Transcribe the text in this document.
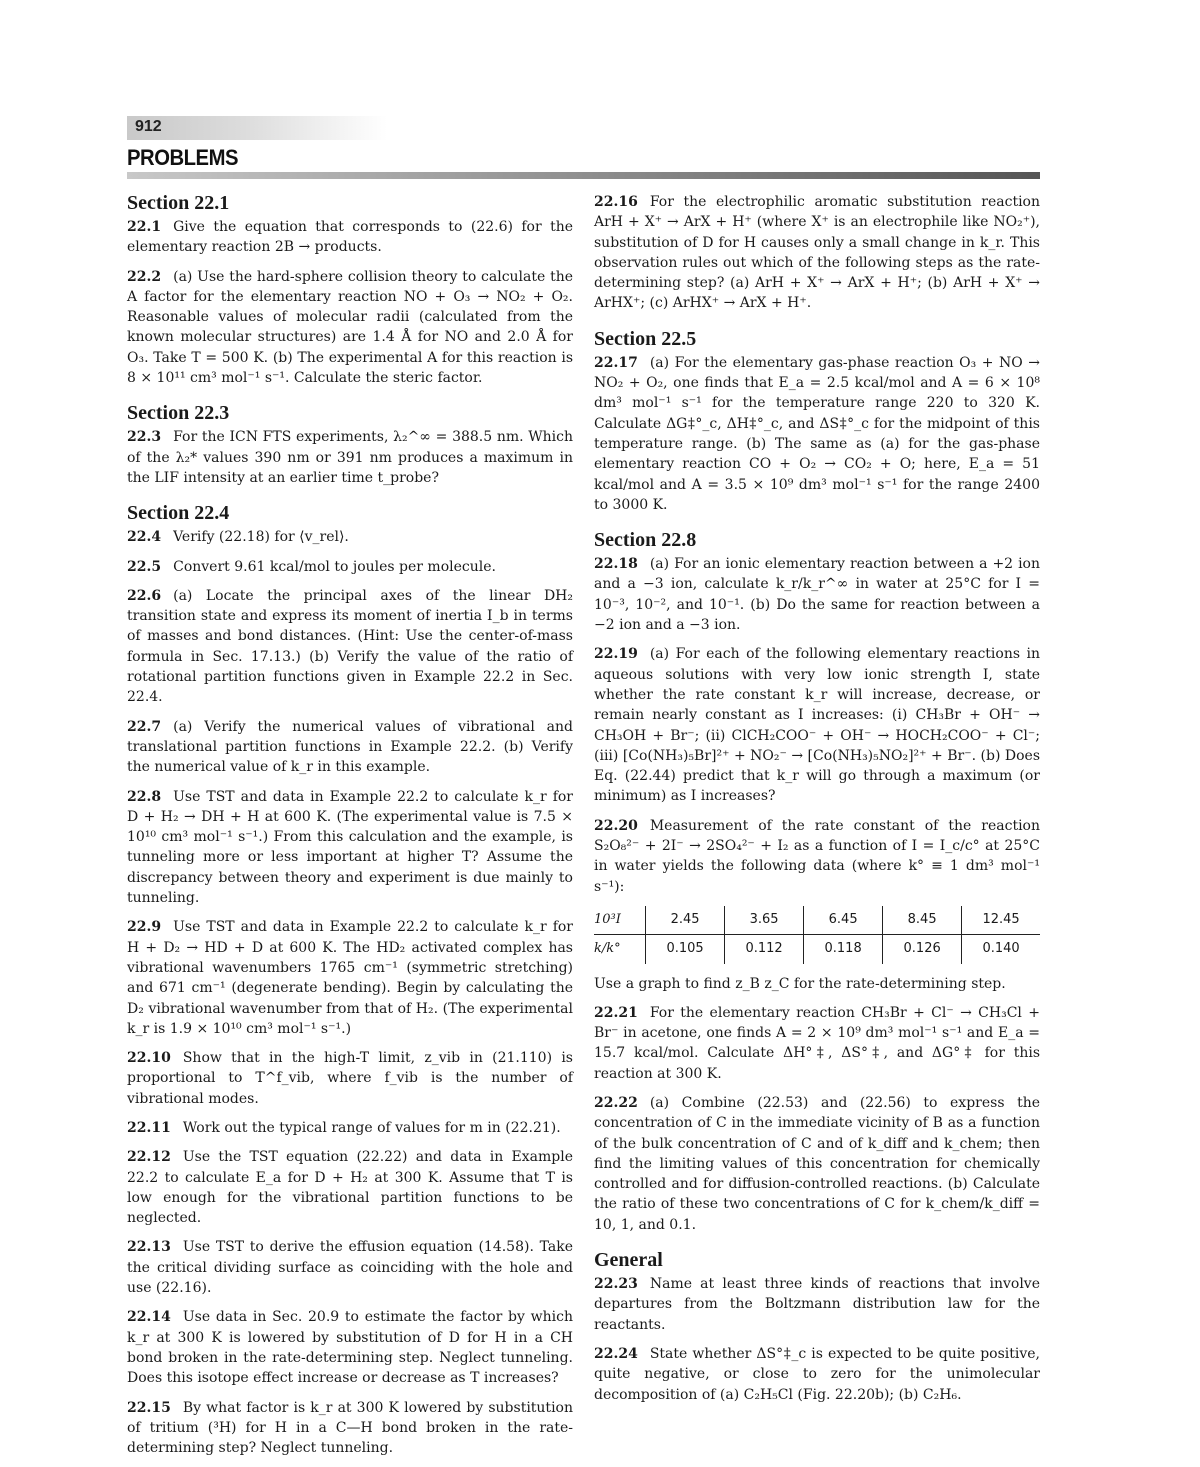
912
PROBLEMS
Section 22.1
22.1 Give the equation that corresponds to (22.6) for the elementary reaction 2B → products.
22.2 (a) Use the hard-sphere collision theory to calculate the A factor for the elementary reaction NO + O₃ → NO₂ + O₂. Reasonable values of molecular radii (calculated from the known molecular structures) are 1.4 Å for NO and 2.0 Å for O₃. Take T = 500 K. (b) The experimental A for this reaction is 8 × 10¹¹ cm³ mol⁻¹ s⁻¹. Calculate the steric factor.
Section 22.3
22.3 For the ICN FTS experiments, λ₂^∞ = 388.5 nm. Which of the λ₂* values 390 nm or 391 nm produces a maximum in the LIF intensity at an earlier time t_probe?
Section 22.4
22.4 Verify (22.18) for ⟨v_rel⟩.
22.5 Convert 9.61 kcal/mol to joules per molecule.
22.6 (a) Locate the principal axes of the linear DH₂ transition state and express its moment of inertia I_b in terms of masses and bond distances. (Hint: Use the center-of-mass formula in Sec. 17.13.) (b) Verify the value of the ratio of rotational partition functions given in Example 22.2 in Sec. 22.4.
22.7 (a) Verify the numerical values of vibrational and translational partition functions in Example 22.2. (b) Verify the numerical value of k_r in this example.
22.8 Use TST and data in Example 22.2 to calculate k_r for D + H₂ → DH + H at 600 K. (The experimental value is 7.5 × 10¹⁰ cm³ mol⁻¹ s⁻¹.) From this calculation and the example, is tunneling more or less important at higher T? Assume the discrepancy between theory and experiment is due mainly to tunneling.
22.9 Use TST and data in Example 22.2 to calculate k_r for H + D₂ → HD + D at 600 K. The HD₂ activated complex has vibrational wavenumbers 1765 cm⁻¹ (symmetric stretching) and 671 cm⁻¹ (degenerate bending). Begin by calculating the D₂ vibrational wavenumber from that of H₂. (The experimental k_r is 1.9 × 10¹⁰ cm³ mol⁻¹ s⁻¹.)
22.10 Show that in the high-T limit, z_vib in (21.110) is proportional to T^f_vib, where f_vib is the number of vibrational modes.
22.11 Work out the typical range of values for m in (22.21).
22.12 Use the TST equation (22.22) and data in Example 22.2 to calculate E_a for D + H₂ at 300 K. Assume that T is low enough for the vibrational partition functions to be neglected.
22.13 Use TST to derive the effusion equation (14.58). Take the critical dividing surface as coinciding with the hole and use (22.16).
22.14 Use data in Sec. 20.9 to estimate the factor by which k_r at 300 K is lowered by substitution of D for H in a CH bond broken in the rate-determining step. Neglect tunneling. Does this isotope effect increase or decrease as T increases?
22.15 By what factor is k_r at 300 K lowered by substitution of tritium (³H) for H in a C—H bond broken in the rate-determining step? Neglect tunneling.
22.16 For the electrophilic aromatic substitution reaction ArH + X⁺ → ArX + H⁺ (where X⁺ is an electrophile like NO₂⁺), substitution of D for H causes only a small change in k_r. This observation rules out which of the following steps as the rate-determining step? (a) ArH + X⁺ → ArX + H⁺; (b) ArH + X⁺ → ArHX⁺; (c) ArHX⁺ → ArX + H⁺.
Section 22.5
22.17 (a) For the elementary gas-phase reaction O₃ + NO → NO₂ + O₂, one finds that E_a = 2.5 kcal/mol and A = 6 × 10⁸ dm³ mol⁻¹ s⁻¹ for the temperature range 220 to 320 K. Calculate ΔG‡°_c, ΔH‡°_c, and ΔS‡°_c for the midpoint of this temperature range. (b) The same as (a) for the gas-phase elementary reaction CO + O₂ → CO₂ + O; here, E_a = 51 kcal/mol and A = 3.5 × 10⁹ dm³ mol⁻¹ s⁻¹ for the range 2400 to 3000 K.
Section 22.8
22.18 (a) For an ionic elementary reaction between a +2 ion and a −3 ion, calculate k_r/k_r^∞ in water at 25°C for I = 10⁻³, 10⁻², and 10⁻¹. (b) Do the same for reaction between a −2 ion and a −3 ion.
22.19 (a) For each of the following elementary reactions in aqueous solutions with very low ionic strength I, state whether the rate constant k_r will increase, decrease, or remain nearly constant as I increases: (i) CH₃Br + OH⁻ → CH₃OH + Br⁻; (ii) ClCH₂COO⁻ + OH⁻ → HOCH₂COO⁻ + Cl⁻; (iii) [Co(NH₃)₅Br]²⁺ + NO₂⁻ → [Co(NH₃)₅NO₂]²⁺ + Br⁻. (b) Does Eq. (22.44) predict that k_r will go through a maximum (or minimum) as I increases?
22.20 Measurement of the rate constant of the reaction S₂O₈²⁻ + 2I⁻ → 2SO₄²⁻ + I₂ as a function of I = I_c/c° at 25°C in water yields the following data (where k° ≡ 1 dm³ mol⁻¹ s⁻¹):
10³I	2.45	3.65	6.45	8.45	12.45
k/k°	0.105	0.112	0.118	0.126	0.140
Use a graph to find z_B z_C for the rate-determining step.
22.21 For the elementary reaction CH₃Br + Cl⁻ → CH₃Cl + Br⁻ in acetone, one finds A = 2 × 10⁹ dm³ mol⁻¹ s⁻¹ and E_a = 15.7 kcal/mol. Calculate ΔH°‡, ΔS°‡, and ΔG°‡ for this reaction at 300 K.
22.22 (a) Combine (22.53) and (22.56) to express the concentration of C in the immediate vicinity of B as a function of the bulk concentration of C and of k_diff and k_chem; then find the limiting values of this concentration for chemically controlled and for diffusion-controlled reactions. (b) Calculate the ratio of these two concentrations of C for k_chem/k_diff = 10, 1, and 0.1.
General
22.23 Name at least three kinds of reactions that involve departures from the Boltzmann distribution law for the reactants.
22.24 State whether ΔS°‡_c is expected to be quite positive, quite negative, or close to zero for the unimolecular decomposition of (a) C₂H₅Cl (Fig. 22.20b); (b) C₂H₆.
